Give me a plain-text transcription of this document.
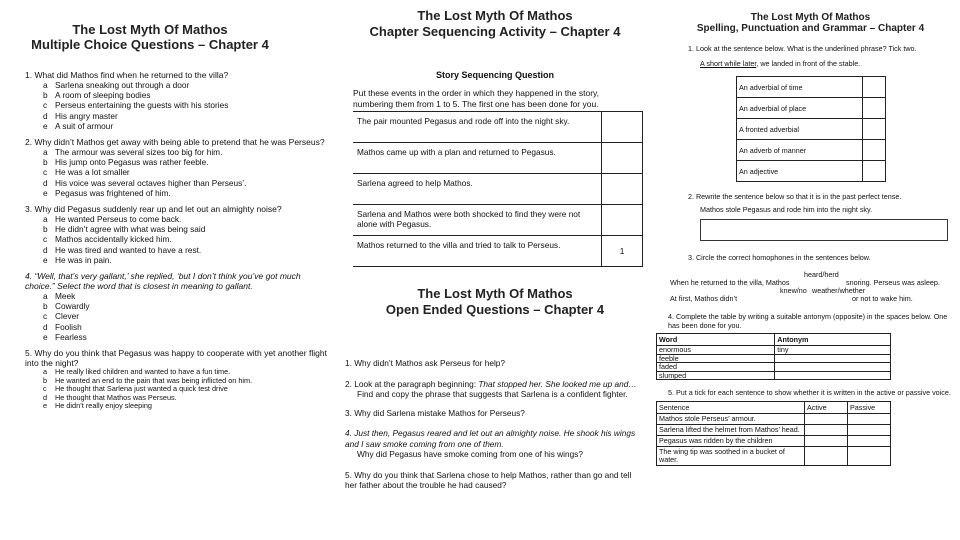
The Lost Myth Of Mathos
Multiple Choice Questions – Chapter 4
1. What did Mathos find when he returned to the villa?
a Sarlena sneaking out through a door
b A room of sleeping bodies
c Perseus entertaining the guests with his stories
d His angry master
e A suit of armour
2. Why didn’t Mathos get away with being able to pretend that he was Perseus?
a The armour was several sizes too big for him.
b His jump onto Pegasus was rather feeble.
c He was a lot smaller
d His voice was several octaves higher than Perseus’.
e Pegasus was frightened of him.
3. Why did Pegasus suddenly rear up and let out an almighty noise?
a He wanted Perseus to come back.
b He didn’t agree with what was being said
c Mathos accidentally kicked him.
d He was tired and wanted to have a rest.
e He was in pain.
4. “Well, that’s very gallant,’ she replied, ‘but I don’t think you’ve got much choice.” Select the word that is closest in meaning to gallant.
a Meek
b Cowardly
c Clever
d Foolish
e Fearless
5. Why do you think that Pegasus was happy to cooperate with yet another flight into the night?
a	He really liked children and wanted to have a fun time.
b	He wanted an end to the pain that was being inflicted on him.
c	He thought that Sarlena just wanted a quick test drive
d	He thought that Mathos was Perseus.
e	He didn’t really enjoy sleeping
The Lost Myth Of Mathos
Chapter Sequencing Activity – Chapter 4
Story Sequencing Question
Put these events in the order in which they happened in the story, numbering them from 1 to 5. The first one has been done for you.
The pair mounted Pegasus and rode off into the night sky.	
Mathos came up with a plan and returned to Pegasus.	
Sarlena agreed to help Mathos.	
Sarlena and Mathos were both shocked to find they were not alone with Pegasus.	
Mathos returned to the villa and tried to talk to Perseus.	1
The Lost Myth Of Mathos
Open Ended Questions – Chapter 4
1. Why didn’t Mathos ask Perseus for help?
2. Look at the paragraph beginning: That stopped her. She looked me up and…
Find and copy the phrase that suggests that Sarlena is a confident fighter.
3. Why did Sarlena mistake Mathos for Perseus?
4. Just then, Pegasus reared and let out an almighty noise. He shook his wings and I saw smoke coming from one of them.
Why did Pegasus have smoke coming from one of his wings?
5. Why do you think that Sarlena chose to help Mathos, rather than go and tell her father about the trouble he had caused?
The Lost Myth Of Mathos
Spelling, Punctuation and Grammar – Chapter 4
1. Look at the sentence below. What is the underlined phrase? Tick two.
A short while later, we landed in front of the stable.
An adverbial of time	
An adverbial of place	
A fronted adverbial	
An adverb of manner	
An adjective	
2. Rewrite the sentence below so that it is in the past perfect tense.
Mathos stole Pegasus and rode him into the night sky.
3. Circle the correct homophones in the sentences below.
heard/herd
When he returned to the villa, Mathos	snoring. Perseus was asleep.
knew/no weather/whether
At first, Mathos didn’t	or not to wake him.
4. Complete the table by writing a suitable antonym (opposite) in the spaces below. One has been done for you.
Word	Antonym
enormous	tiny
feeble	
faded	
slumped	
5. Put a tick for each sentence to show whether it is written in the active or passive voice.
Sentence	Active	Passive
Mathos stole Perseus’ armour.		
Sarlena lifted the helmet from Mathos’ head.		
Pegasus was ridden by the children		
The wing tip was soothed in a bucket of water.		
